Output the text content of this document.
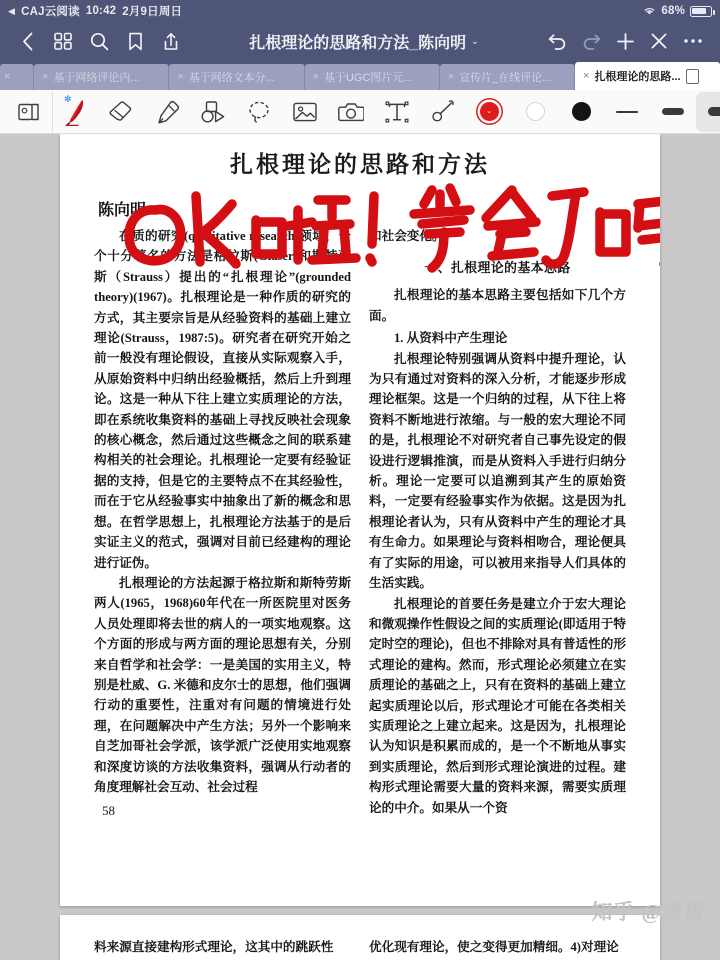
◀ CAJ云阅读 10:42 2月9日周日	68%
扎根理论的思路和方法_陈向明 ⌄
×	× 基于网络评论内...	× 基于网络文本分...	× 基于UGC图片元...	× 宣传片_在线评论...	× 扎根理论的思路...
✻
⌄
扎根理论的思路和方法
陈向明

在质的研究(qualitative research)领域，一个十分著名的方法是格拉斯(Glaser)和斯特劳斯（Strauss）提出的“扎根理论”(grounded theory)(1967)。扎根理论是一种作质的研究的方式，其主要宗旨是从经验资料的基础上建立理论(Strauss，1987:5)。研究者在研究开始之前一般没有理论假设，直接从实际观察入手，从原始资料中归纳出经验概括，然后上升到理论。这是一种从下往上建立实质理论的方法，即在系统收集资料的基础上寻找反映社会现象的核心概念，然后通过这些概念之间的联系建构相关的社会理论。扎根理论一定要有经验证据的支持，但是它的主要特点不在其经验性，而在于它从经验事实中抽象出了新的概念和思想。在哲学思想上，扎根理论方法基于的是后实证主义的范式，强调对目前已经建构的理论进行证伪。

扎根理论的方法起源于格拉斯和斯特劳斯两人(1965，1968)60年代在一所医院里对医务人员处理即将去世的病人的一项实地观察。这个方面的形成与两方面的理论思想有关，分别来自哲学和社会学：一是美国的实用主义，特别是杜威、G. 米德和皮尔士的思想，他们强调行动的重要性，注重对有问题的情境进行处理，在问题解决中产生方法；另外一个影响来自芝加哥社会学派，该学派广泛使用实地观察和深度访谈的方法收集资料，强调从行动者的角度理解社会互动、社会过程

58

和社会变化。

一、扎根理论的基本思路

扎根理论的基本思路主要包括如下几个方面。

1. 从资料中产生理论

扎根理论特别强调从资料中提升理论，认为只有通过对资料的深入分析，才能逐步形成理论框架。这是一个归纳的过程，从下往上将资料不断地进行浓缩。与一般的宏大理论不同的是，扎根理论不对研究者自己事先设定的假设进行逻辑推演，而是从资料入手进行归纳分析。理论一定要可以追溯到其产生的原始资料，一定要有经验事实作为依据。这是因为扎根理论者认为，只有从资料中产生的理论才具有生命力。如果理论与资料相吻合，理论便具有了实际的用途，可以被用来指导人们具体的生活实践。

扎根理论的首要任务是建立介于宏大理论和微观操作性假设之间的实质理论(即适用于特定时空的理论)，但也不排除对具有普适性的形式理论的建构。然而，形式理论必须建立在实质理论的基础之上，只有在资料的基础上建立起实质理论以后，形式理论才可能在各类相关实质理论之上建立起来。这是因为，扎根理论认为知识是积累而成的，是一个不断地从事实到实质理论，然后到形式理论演进的过程。建构形式理论需要大量的资料来源，需要实质理论的中介。如果从一个资

料来源直接建构形式理论，这其中的跳跃性	优化现有理论，使之变得更加精细。4)对理论

知乎 @唐唐
